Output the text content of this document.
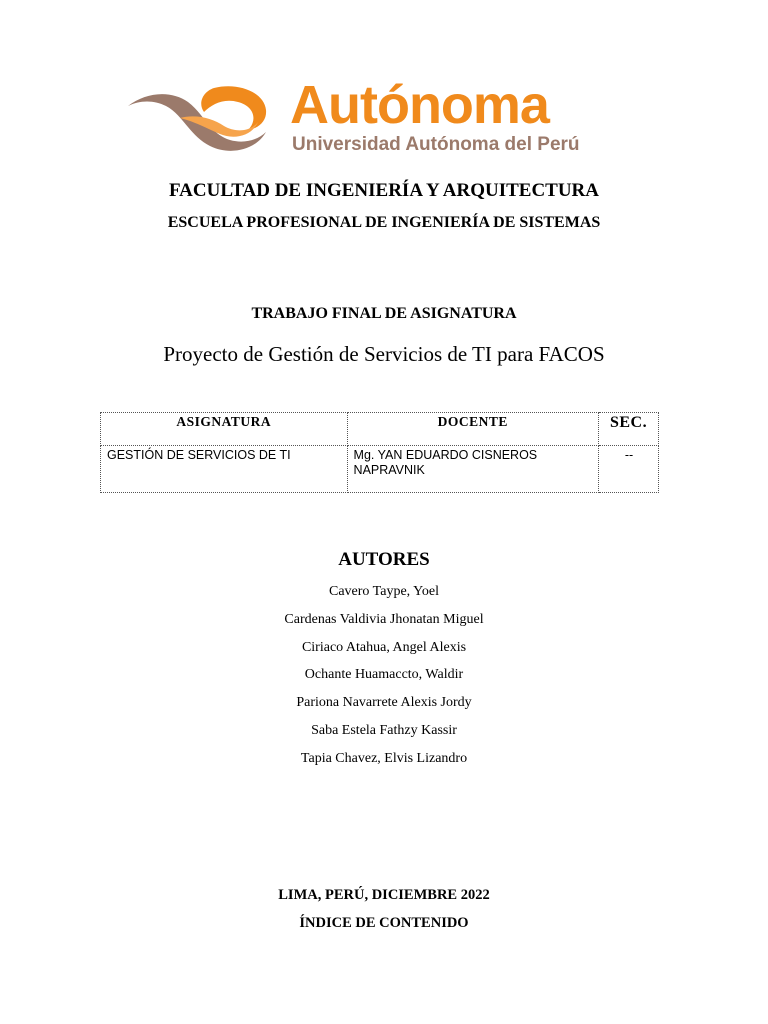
Autónoma
Universidad Autónoma del Perú
FACULTAD DE INGENIERÍA Y ARQUITECTURA
ESCUELA PROFESIONAL DE INGENIERÍA DE SISTEMAS
TRABAJO FINAL DE ASIGNATURA
Proyecto de Gestión de Servicios de TI para FACOS
ASIGNATURA	DOCENTE	SEC.
GESTIÓN DE SERVICIOS DE TI	Mg. YAN EDUARDO CISNEROS NAPRAVNIK	--
AUTORES
Cavero Taype, Yoel
Cardenas Valdivia Jhonatan Miguel
Ciriaco Atahua, Angel Alexis
Ochante Huamaccto, Waldir
Pariona Navarrete Alexis Jordy
Saba Estela Fathzy Kassir
Tapia Chavez, Elvis Lizandro
LIMA, PERÚ, DICIEMBRE 2022
ÍNDICE DE CONTENIDO
